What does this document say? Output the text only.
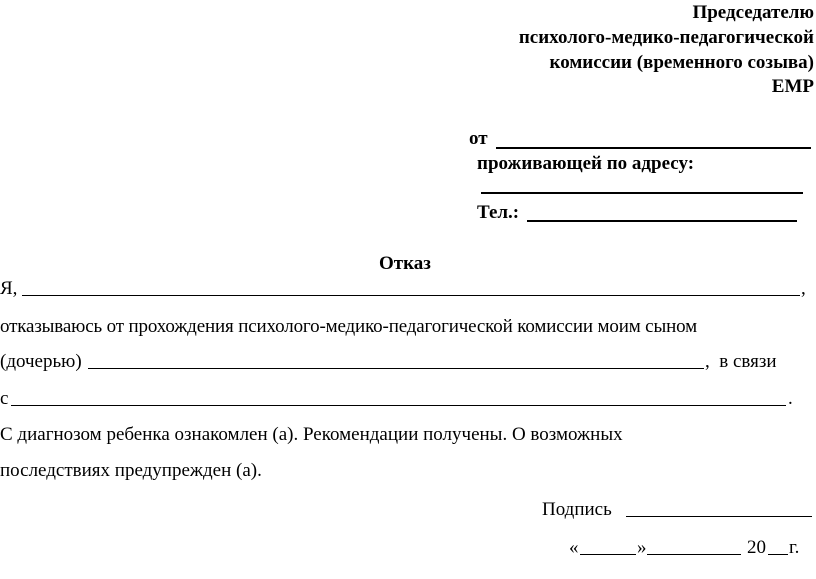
Председателю
психолого-медико-педагогической
комиссии (временного созыва)
ЕМР
от
проживающей по адресу:
Тел.:
Отказ
Я,	,
отказываюсь от прохождения психолого-медико-педагогической комиссии моим сыном
(дочерью)	,  в связи
с	.
С диагнозом ребенка ознакомлен (а). Рекомендации получены. О возможных
последствиях предупрежден (а).
Подпись
«	»	20 г.
